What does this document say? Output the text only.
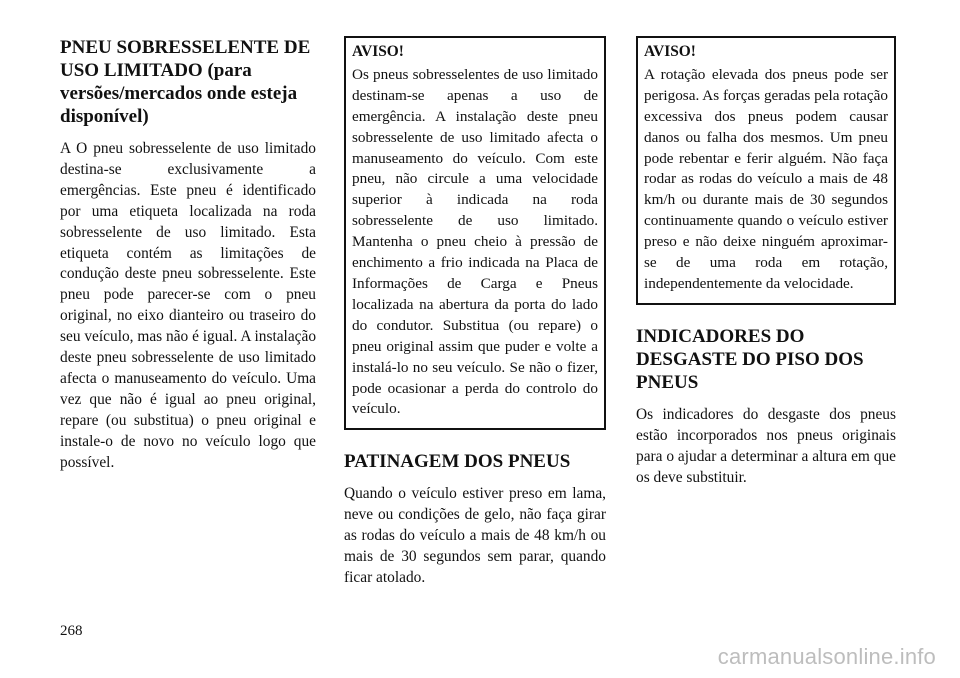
PNEU SOBRESSELENTE DE USO LIMITADO (para versões/mercados onde esteja disponível)

A O pneu sobresselente de uso limitado destina-se exclusivamente a emergências. Este pneu é identificado por uma etiqueta localizada na roda sobresselente de uso limitado. Esta etiqueta contém as limitações de condução deste pneu sobresselente. Este pneu pode parecer-se com o pneu original, no eixo dianteiro ou traseiro do seu veículo, mas não é igual. A instalação deste pneu sobresselente de uso limitado afecta o manuseamento do veículo. Uma vez que não é igual ao pneu original, repare (ou substitua) o pneu original e instale-o de novo no veículo logo que possível.

AVISO!

Os pneus sobresselentes de uso limitado destinam-se apenas a uso de emergência. A instalação deste pneu sobresselente de uso limitado afecta o manuseamento do veículo. Com este pneu, não circule a uma velocidade superior à indicada na roda sobresselente de uso limitado. Mantenha o pneu cheio à pressão de enchimento a frio indicada na Placa de Informações de Carga e Pneus localizada na abertura da porta do lado do condutor. Substitua (ou repare) o pneu original assim que puder e volte a instalá-lo no seu veículo. Se não o fizer, pode ocasionar a perda do controlo do veículo.

PATINAGEM DOS PNEUS

Quando o veículo estiver preso em lama, neve ou condições de gelo, não faça girar as rodas do veículo a mais de 48 km/h ou mais de 30 segundos sem parar, quando ficar atolado.

AVISO!

A rotação elevada dos pneus pode ser perigosa. As forças geradas pela rotação excessiva dos pneus podem causar danos ou falha dos mesmos. Um pneu pode rebentar e ferir alguém. Não faça rodar as rodas do veículo a mais de 48 km/h ou durante mais de 30 segundos continuamente quando o veículo estiver preso e não deixe ninguém aproximar-se de uma roda em rotação, independentemente da velocidade.

INDICADORES DO DESGASTE DO PISO DOS PNEUS

Os indicadores do desgaste dos pneus estão incorporados nos pneus originais para o ajudar a determinar a altura em que os deve substituir.

268
carmanualsonline.info
